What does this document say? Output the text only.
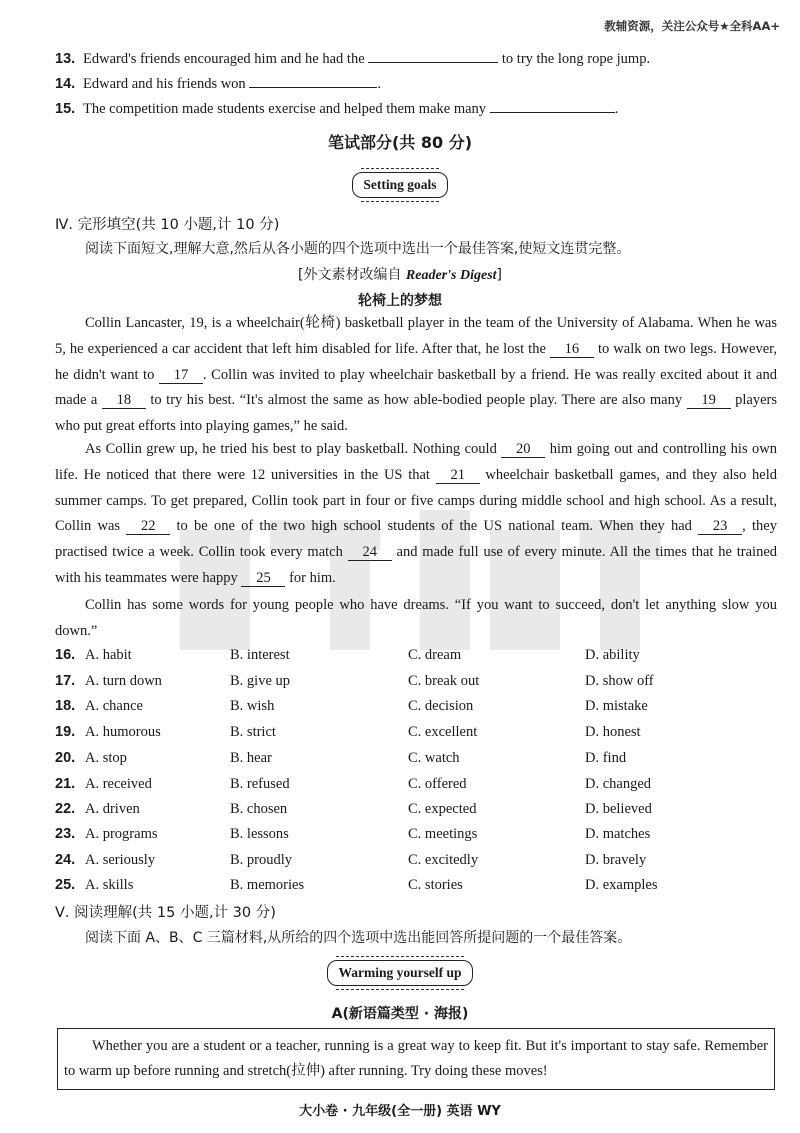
教辅资源，关注公众号★全科AA+
13. Edward's friends encouraged him and he had the	to try the long rope jump.
14. Edward and his friends won	.
15. The competition made students exercise and helped them make many	.
笔试部分(共 80 分)
Setting goals
Ⅳ. 完形填空(共 10 小题,计 10 分)
阅读下面短文,理解大意,然后从各小题的四个选项中选出一个最佳答案,使短文连贯完整。
[外文素材改编自 Reader's Digest]
轮椅上的梦想
Collin Lancaster, 19, is a wheelchair(轮椅) basketball player in the team of the University of Alabama. When he was 5, he experienced a car accident that left him disabled for life. After that, he lost the 16 to walk on two legs. However, he didn't want to 17 . Collin was invited to play wheelchair basketball by a friend. He was really excited about it and made a 18 to try his best. “It's almost the same as how able-bodied people play. There are also many 19 players who put great efforts into playing games,” he said.
As Collin grew up, he tried his best to play basketball. Nothing could 20 him going out and controlling his own life. He noticed that there were 12 universities in the US that 21 wheelchair basketball games, and they also held summer camps. To get prepared, Collin took part in four or five camps during middle school and high school. As a result, Collin was 22 to be one of the two high school students of the US national team. When they had 23 , they practised twice a week. Collin took every match 24 and made full use of every minute. All the times that he trained with his teammates were happy 25 for him.
Collin has some words for young people who have dreams. “If you want to succeed, don't let anything slow you down.”
16. A. habit	B. interest	C. dream	D. ability
17. A. turn down	B. give up	C. break out	D. show off
18. A. chance	B. wish	C. decision	D. mistake
19. A. humorous	B. strict	C. excellent	D. honest
20. A. stop	B. hear	C. watch	D. find
21. A. received	B. refused	C. offered	D. changed
22. A. driven	B. chosen	C. expected	D. believed
23. A. programs	B. lessons	C. meetings	D. matches
24. A. seriously	B. proudly	C. excitedly	D. bravely
25. A. skills	B. memories	C. stories	D. examples
Ⅴ. 阅读理解(共 15 小题,计 30 分)
阅读下面 A、B、C 三篇材料,从所给的四个选项中选出能回答所提问题的一个最佳答案。
Warming yourself up
A(新语篇类型 · 海报)
Whether you are a student or a teacher, running is a great way to keep fit. But it's important to stay safe. Remember to warm up before running and stretch(拉伸) after running. Try doing these moves!
大小卷 · 九年级(全一册) 英语 WY
